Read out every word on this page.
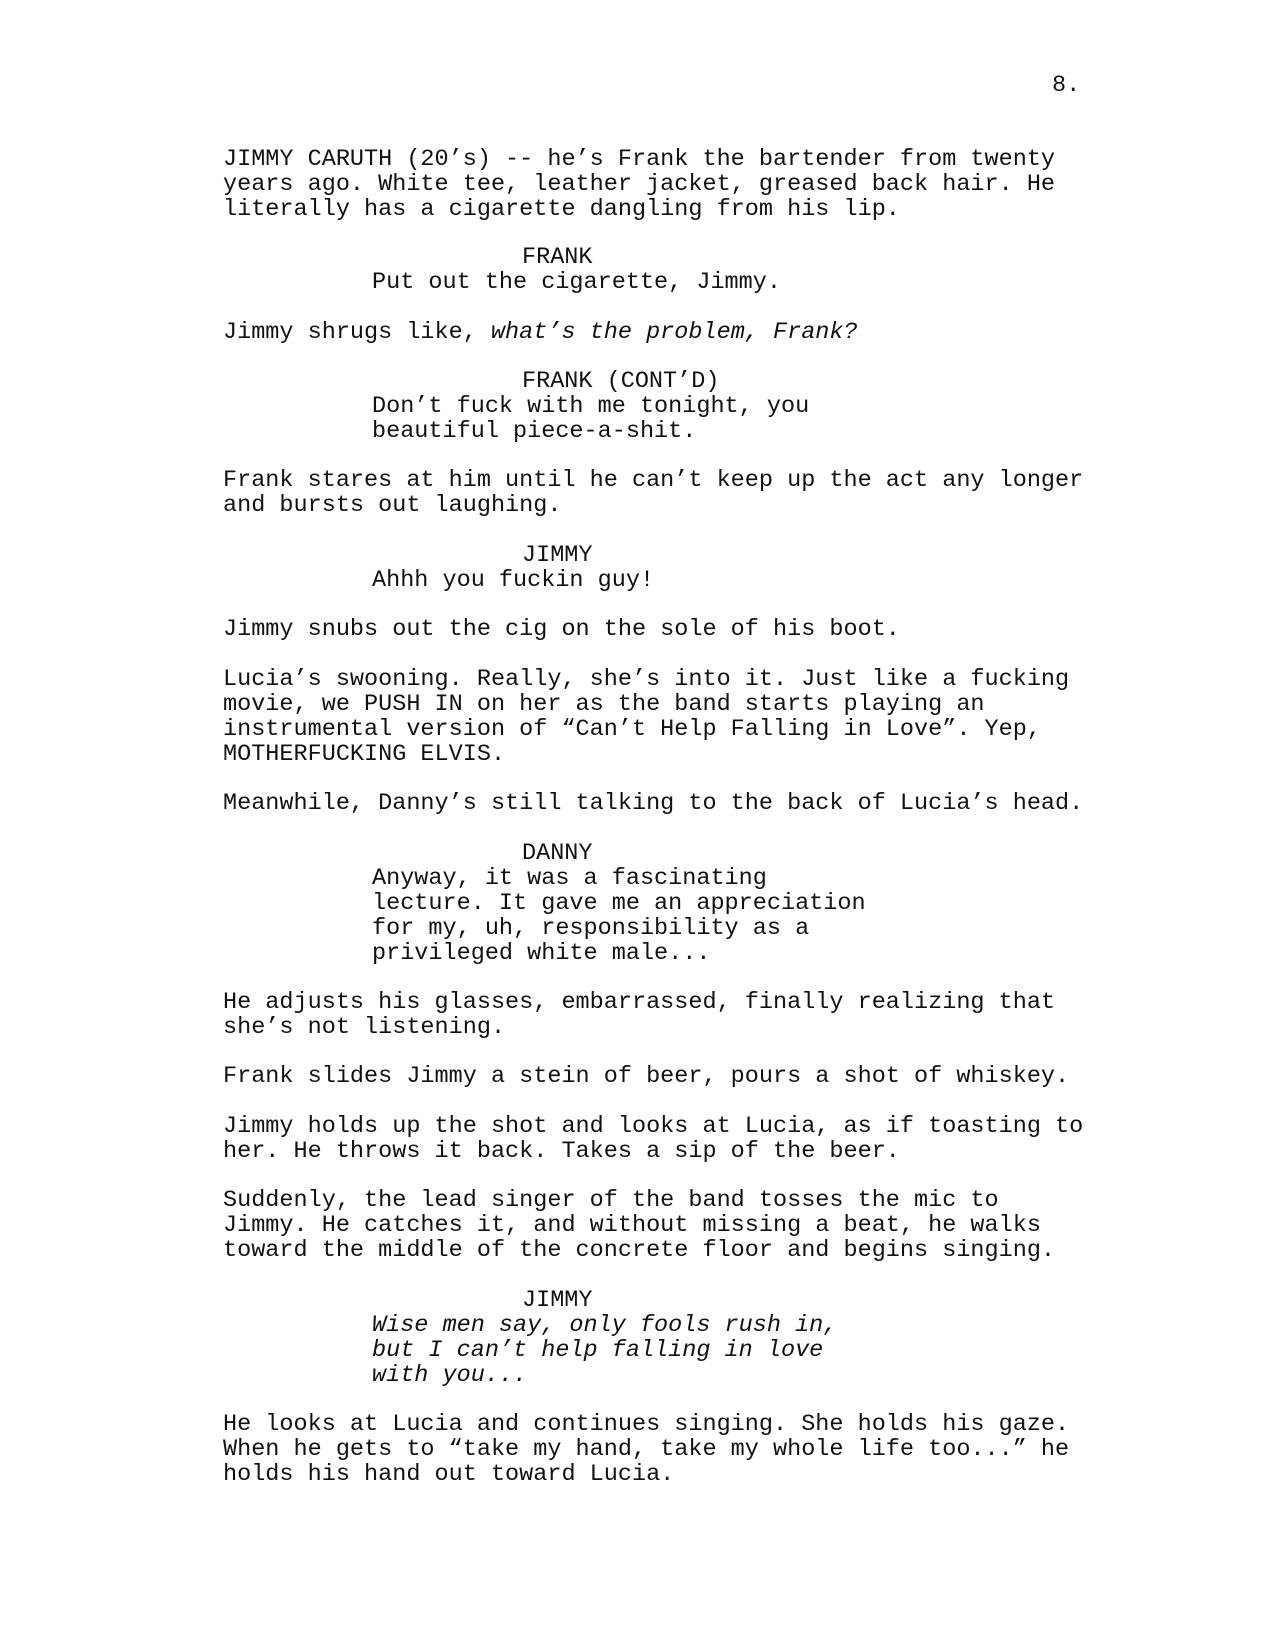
8.
JIMMY CARUTH (20’s) -- he’s Frank the bartender from twenty
years ago. White tee, leather jacket, greased back hair. He
literally has a cigarette dangling from his lip.
FRANK
Put out the cigarette, Jimmy.
Jimmy shrugs like, what’s the problem, Frank?
FRANK (CONT’D)
Don’t fuck with me tonight, you
beautiful piece-a-shit.
Frank stares at him until he can’t keep up the act any longer
and bursts out laughing.
JIMMY
Ahhh you fuckin guy!
Jimmy snubs out the cig on the sole of his boot.
Lucia’s swooning. Really, she’s into it. Just like a fucking
movie, we PUSH IN on her as the band starts playing an
instrumental version of “Can’t Help Falling in Love”. Yep,
MOTHERFUCKING ELVIS.
Meanwhile, Danny’s still talking to the back of Lucia’s head.
DANNY
Anyway, it was a fascinating
lecture. It gave me an appreciation
for my, uh, responsibility as a
privileged white male...
He adjusts his glasses, embarrassed, finally realizing that
she’s not listening.
Frank slides Jimmy a stein of beer, pours a shot of whiskey.
Jimmy holds up the shot and looks at Lucia, as if toasting to
her. He throws it back. Takes a sip of the beer.
Suddenly, the lead singer of the band tosses the mic to
Jimmy. He catches it, and without missing a beat, he walks
toward the middle of the concrete floor and begins singing.
JIMMY
Wise men say, only fools rush in,
but I can’t help falling in love
with you...
He looks at Lucia and continues singing. She holds his gaze.
When he gets to “take my hand, take my whole life too...” he
holds his hand out toward Lucia.
